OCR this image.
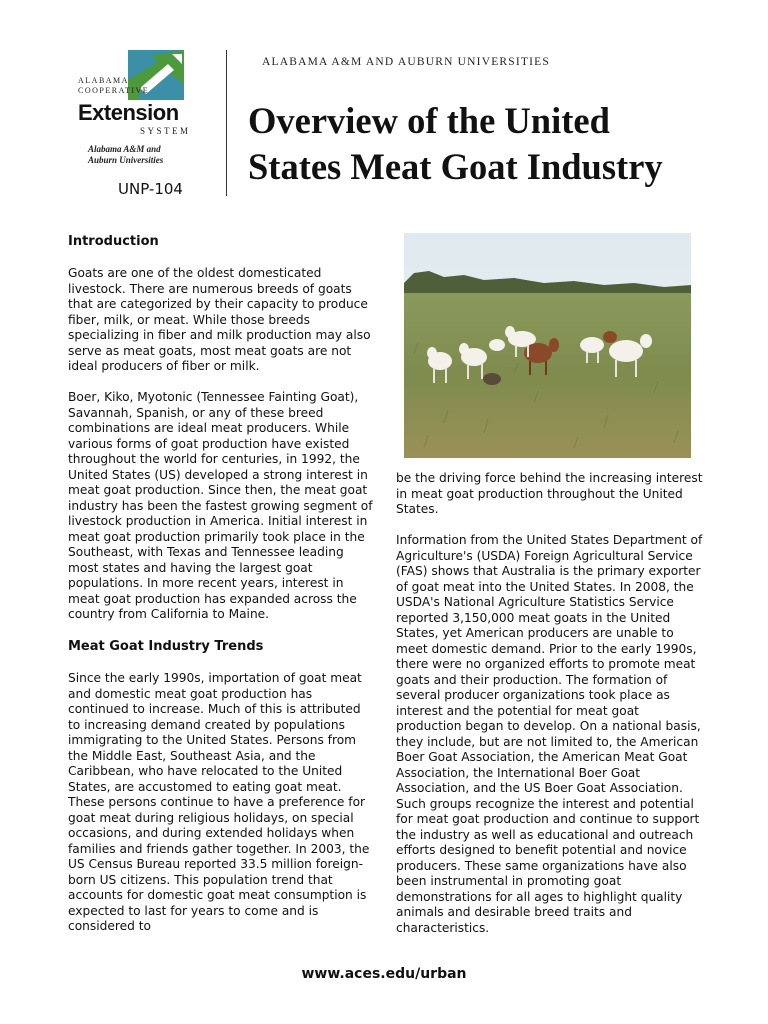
ALABAMA
COOPERATIVE
Extension
SYSTEM
Alabama A&M and
Auburn Universities
UNP-104
ALABAMA A&M AND AUBURN UNIVERSITIES
Overview of the United
States Meat Goat Industry
Introduction

Goats are one of the oldest domesticated livestock. There are numerous breeds of goats that are categorized by their capacity to produce fiber, milk, or meat. While those breeds specializing in fiber and milk production may also serve as meat goats, most meat goats are not ideal producers of fiber or milk.

Boer, Kiko, Myotonic (Tennessee Fainting Goat), Savannah, Spanish, or any of these breed combinations are ideal meat producers. While various forms of goat production have existed throughout the world for centuries, in 1992, the United States (US) developed a strong interest in meat goat production. Since then, the meat goat industry has been the fastest growing segment of livestock production in America. Initial interest in meat goat production primarily took place in the Southeast, with Texas and Tennessee leading most states and having the largest goat populations. In more recent years, interest in meat goat production has expanded across the country from California to Maine.

Meat Goat Industry Trends

Since the early 1990s, importation of goat meat and domestic meat goat production has continued to increase. Much of this is attributed to increasing demand created by populations immigrating to the United States. Persons from the Middle East, Southeast Asia, and the Caribbean, who have relocated to the United States, are accustomed to eating goat meat. These persons continue to have a preference for goat meat during religious holidays, on special occasions, and during extended holidays when families and friends gather together. In 2003, the US Census Bureau reported 33.5 million foreign-born US citizens. This population trend that accounts for domestic goat meat consumption is expected to last for years to come and is considered to

be the driving force behind the increasing interest in meat goat production throughout the United States.

Information from the United States Department of Agriculture's (USDA) Foreign Agricultural Service (FAS) shows that Australia is the primary exporter of goat meat into the United States. In 2008, the USDA's National Agriculture Statistics Service reported 3,150,000 meat goats in the United States, yet American producers are unable to meet domestic demand. Prior to the early 1990s, there were no organized efforts to promote meat goats and their production. The formation of several producer organizations took place as interest and the potential for meat goat production began to develop. On a national basis, they include, but are not limited to, the American Boer Goat Association, the American Meat Goat Association, the International Boer Goat Association, and the US Boer Goat Association. Such groups recognize the interest and potential for meat goat production and continue to support the industry as well as educational and outreach efforts designed to benefit potential and novice producers. These same organizations have also been instrumental in promoting goat demonstrations for all ages to highlight quality animals and desirable breed traits and characteristics.

www.aces.edu/urban
